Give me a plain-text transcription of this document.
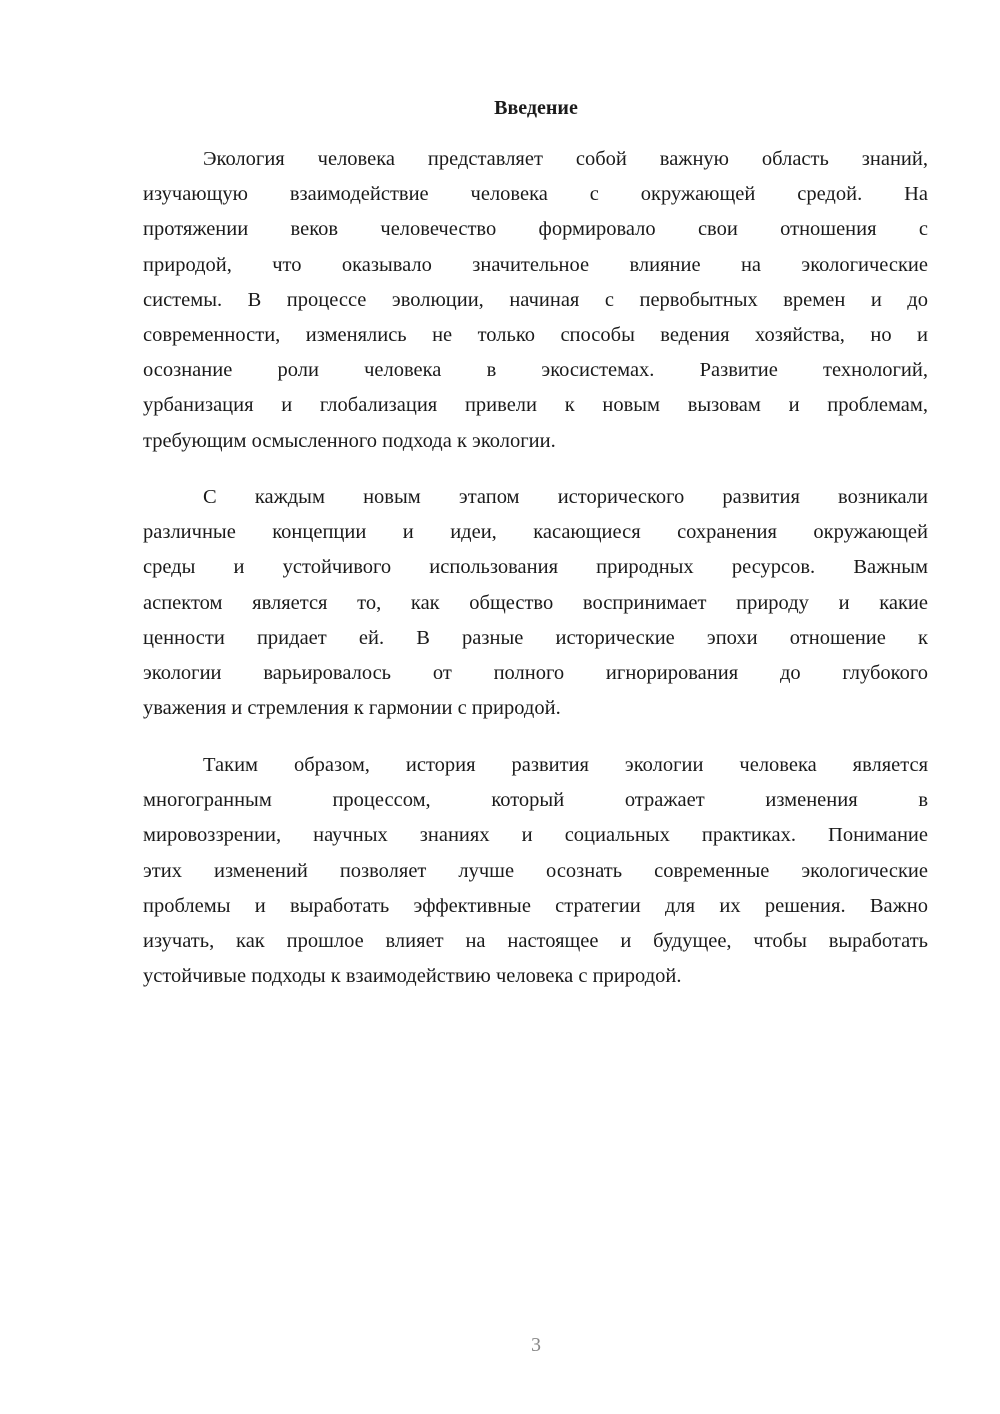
Введение
Экология человека представляет собой важную область знаний,
изучающую взаимодействие человека с окружающей средой. На
протяжении веков человечество формировало свои отношения с
природой, что оказывало значительное влияние на экологические
системы. В процессе эволюции, начиная с первобытных времен и до
современности, изменялись не только способы ведения хозяйства, но и
осознание роли человека в экосистемах. Развитие технологий,
урбанизация и глобализация привели к новым вызовам и проблемам,
требующим осмысленного подхода к экологии.
С каждым новым этапом исторического развития возникали
различные концепции и идеи, касающиеся сохранения окружающей
среды и устойчивого использования природных ресурсов. Важным
аспектом является то, как общество воспринимает природу и какие
ценности придает ей. В разные исторические эпохи отношение к
экологии варьировалось от полного игнорирования до глубокого
уважения и стремления к гармонии с природой.
Таким образом, история развития экологии человека является
многогранным процессом, который отражает изменения в
мировоззрении, научных знаниях и социальных практиках. Понимание
этих изменений позволяет лучше осознать современные экологические
проблемы и выработать эффективные стратегии для их решения. Важно
изучать, как прошлое влияет на настоящее и будущее, чтобы выработать
устойчивые подходы к взаимодействию человека с природой.
3
